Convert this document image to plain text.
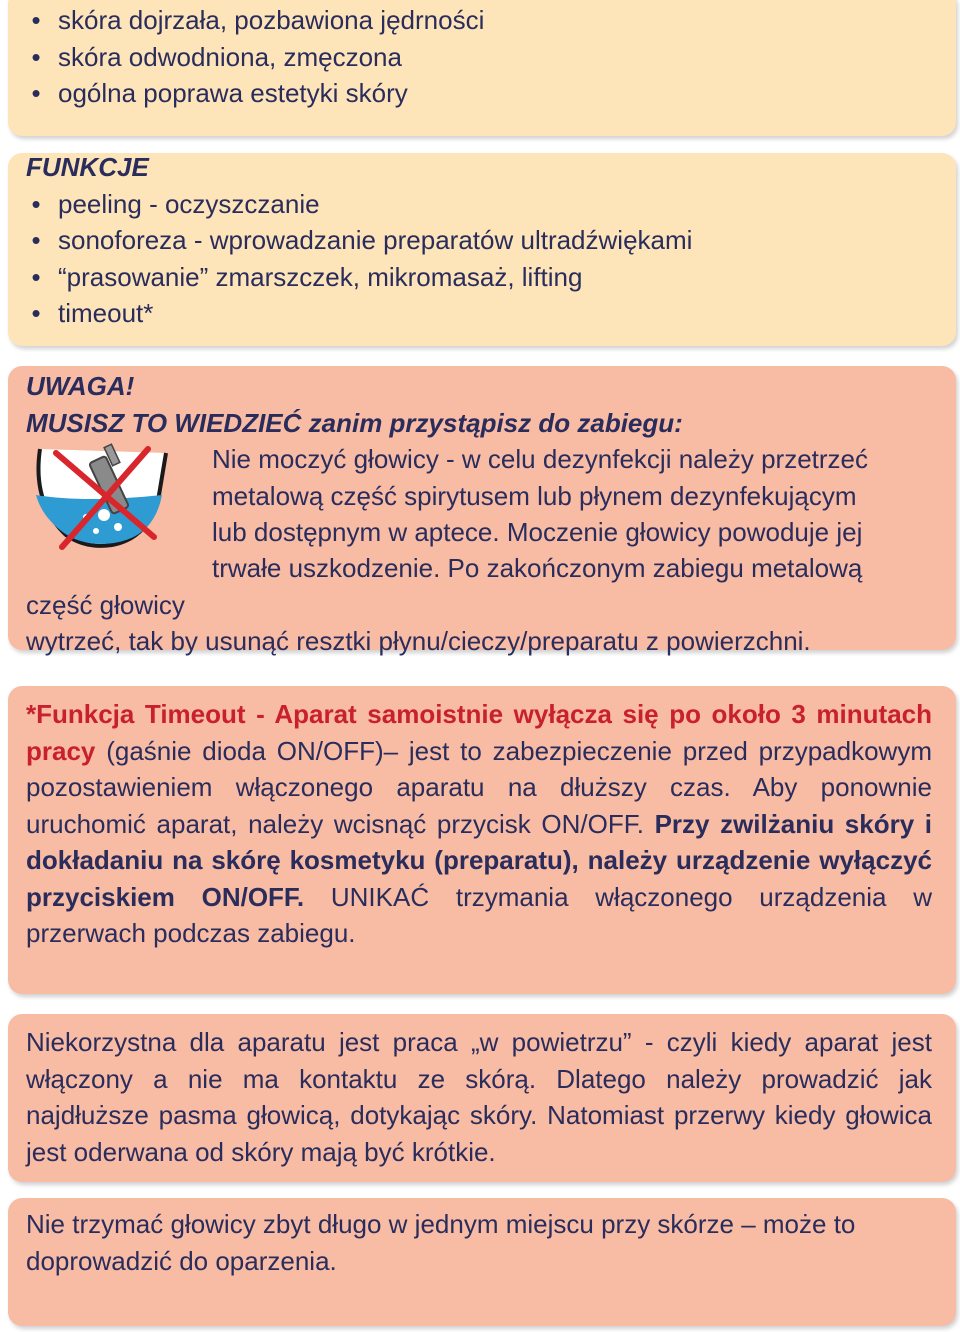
• skóra dojrzała, pozbawiona jędrności
• skóra odwodniona, zmęczona
• ogólna poprawa estetyki skóry
FUNKCJE
• peeling - oczyszczanie
• sonoforeza - wprowadzanie preparatów ultradźwiękami
• “prasowanie” zmarszczek, mikromasaż, lifting
• timeout*
UWAGA!
MUSISZ TO WIEDZIEĆ zanim przystąpisz do zabiegu:
Nie moczyć głowicy - w celu dezynfekcji należy przetrzeć
metalową część spirytusem lub płynem dezynfekującym
lub dostępnym w aptece. Moczenie głowicy powoduje jej
trwałe uszkodzenie. Po zakończonym zabiegu metalową część głowicy
wytrzeć, tak by usunąć resztki płynu/cieczy/preparatu z powierzchni.

*Funkcja Timeout - Aparat samoistnie wyłącza się po około 3 minutach pracy (gaśnie dioda ON/OFF)– jest to zabezpieczenie przed przypadkowym pozostawieniem włączonego aparatu na dłuższy czas. Aby ponownie uruchomić aparat, należy wcisnąć przycisk ON/OFF. Przy zwilżaniu skóry i dokładaniu na skórę kosmetyku (preparatu), należy urządzenie wyłączyć przyciskiem ON/OFF. UNIKAĆ trzymania włączonego urządzenia w przerwach podczas zabiegu.

Niekorzystna dla aparatu jest praca „w powietrzu” - czyli kiedy aparat jest włączony a nie ma kontaktu ze skórą. Dlatego należy prowadzić jak najdłuższe pasma głowicą, dotykając skóry. Natomiast przerwy kiedy głowica jest oderwana od skóry mają być krótkie.

Nie trzymać głowicy zbyt długo w jednym miejscu przy skórze – może to doprowadzić do oparzenia.
